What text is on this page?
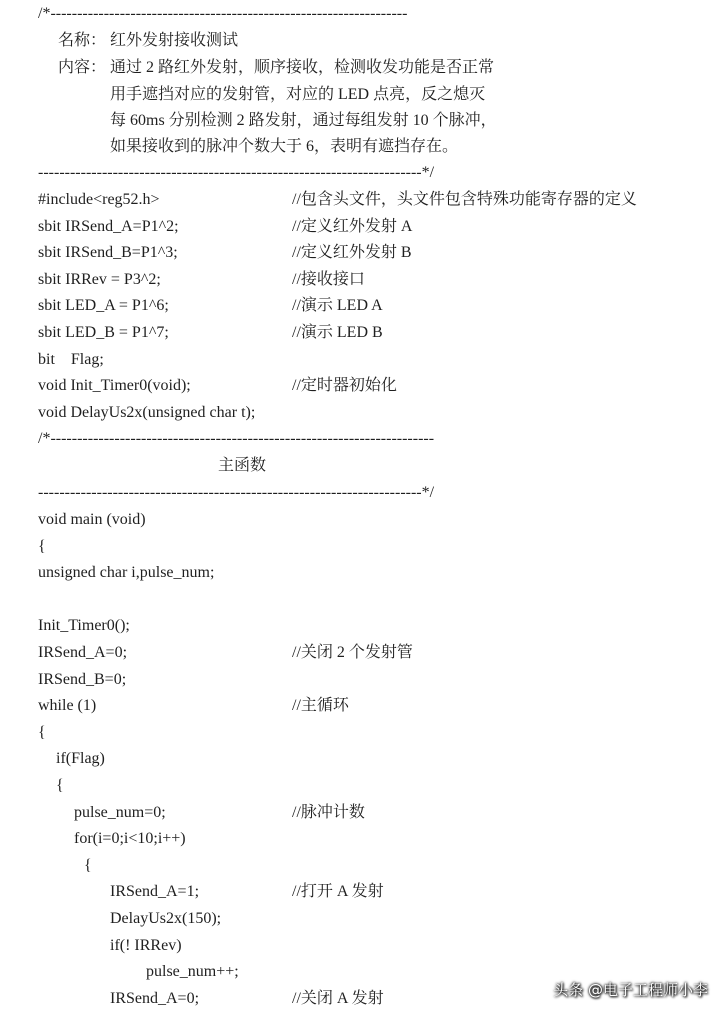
/*-------------------------------------------------------------------

名称：

红外发射接收测试

内容：

通过 2 路红外发射，顺序接收，检测收发功能是否正常

用手遮挡对应的发射管，对应的 LED 点亮，反之熄灭

每 60ms 分别检测 2 路发射，通过每组发射 10 个脉冲，

如果接收到的脉冲个数大于 6，表明有遮挡存在。

------------------------------------------------------------------------*/

#include<reg52.h>	//包含头文件，头文件包含特殊功能寄存器的定义
sbit IRSend_A=P1^2;	//定义红外发射 A
sbit IRSend_B=P1^3;	//定义红外发射 B
sbit IRRev = P3^2;	//接收接口
sbit LED_A = P1^6;	//演示 LED A
sbit LED_B = P1^7;	//演示 LED B
bit    Flag;
void Init_Timer0(void);	//定时器初始化
void DelayUs2x(unsigned char t);

/*------------------------------------------------------------------------

主函数

------------------------------------------------------------------------*/

void main (void)
{
unsigned char i,pulse_num;
Init_Timer0();
IRSend_A=0;	//关闭 2 个发射管
IRSend_B=0;
while (1)	//主循环
{
if(Flag)
{
pulse_num=0;	//脉冲计数
for(i=0;i<10;i++)
{
IRSend_A=1;	//打开 A 发射
DelayUs2x(150);
if(! IRRev)
pulse_num++;
IRSend_A=0;	//关闭 A 发射	头条 @电子工程师小李
